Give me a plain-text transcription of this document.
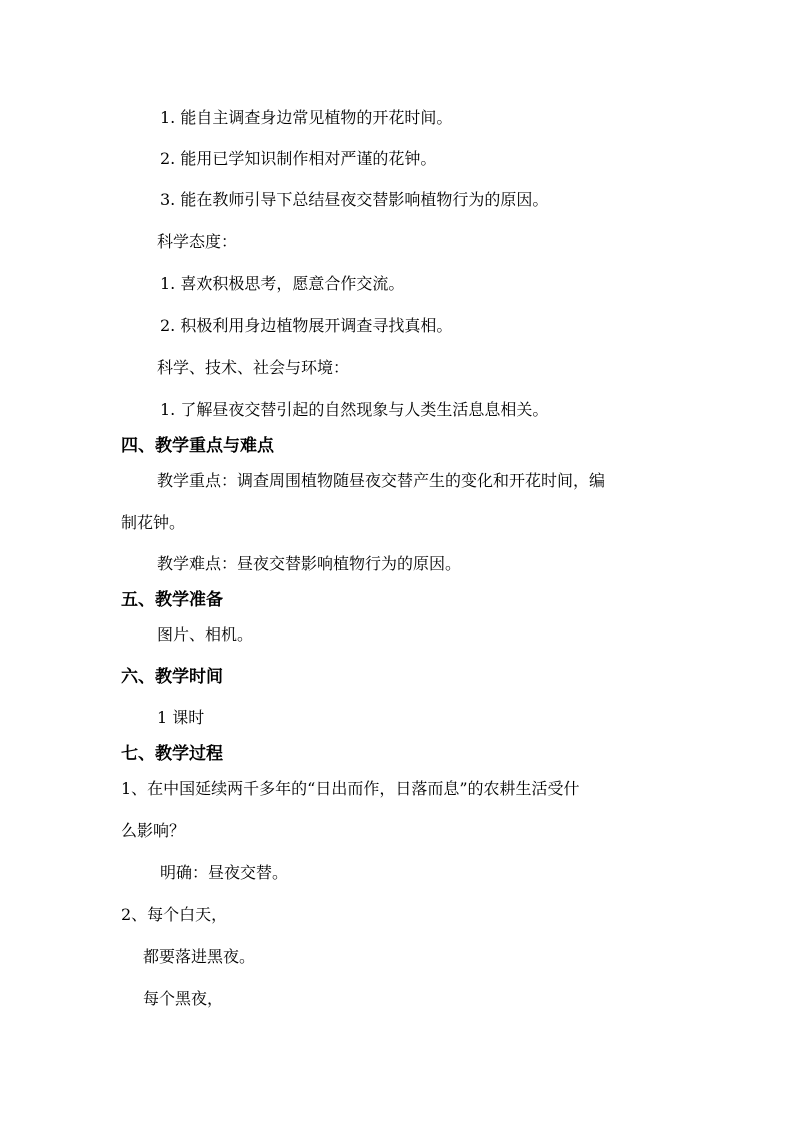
1. 能自主调查身边常见植物的开花时间。
2. 能用已学知识制作相对严谨的花钟。
3. 能在教师引导下总结昼夜交替影响植物行为的原因。
科学态度：
1. 喜欢积极思考，愿意合作交流。
2. 积极利用身边植物展开调查寻找真相。
科学、技术、社会与环境：
1. 了解昼夜交替引起的自然现象与人类生活息息相关。
四、教学重点与难点
教学重点：调查周围植物随昼夜交替产生的变化和开花时间，编
制花钟。
教学难点：昼夜交替影响植物行为的原因。
五、教学准备
图片、相机。
六、教学时间
1 课时
七、教学过程
1、在中国延续两千多年的“日出而作，日落而息”的农耕生活受什
么影响？
明确：昼夜交替。
2、每个白天，
都要落进黑夜。
每个黑夜，
